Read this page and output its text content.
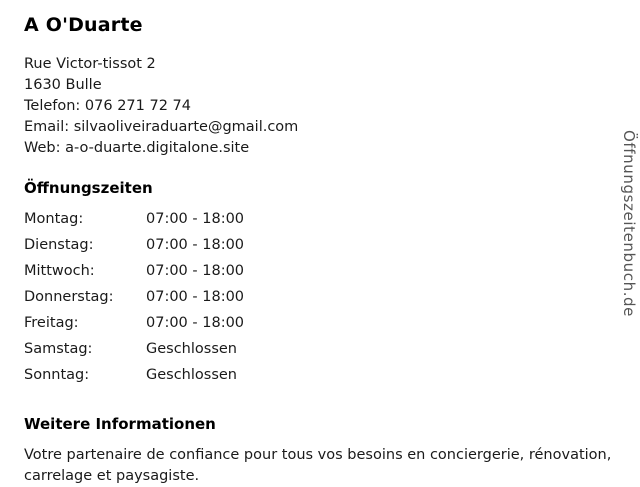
A O'Duarte
Rue Victor-tissot 2
1630 Bulle
Telefon: 076 271 72 74
Email: silvaoliveiraduarte@gmail.com
Web: a-o-duarte.digitalone.site
Öffnungszeiten
Montag:	07:00 - 18:00
Dienstag:	07:00 - 18:00
Mittwoch:	07:00 - 18:00
Donnerstag:	07:00 - 18:00
Freitag:	07:00 - 18:00
Samstag:	Geschlossen
Sonntag:	Geschlossen
Weitere Informationen
Votre partenaire de confiance pour tous vos besoins en conciergerie, rénovation, carrelage et paysagiste.
Öffnungszeitenbuch.de
